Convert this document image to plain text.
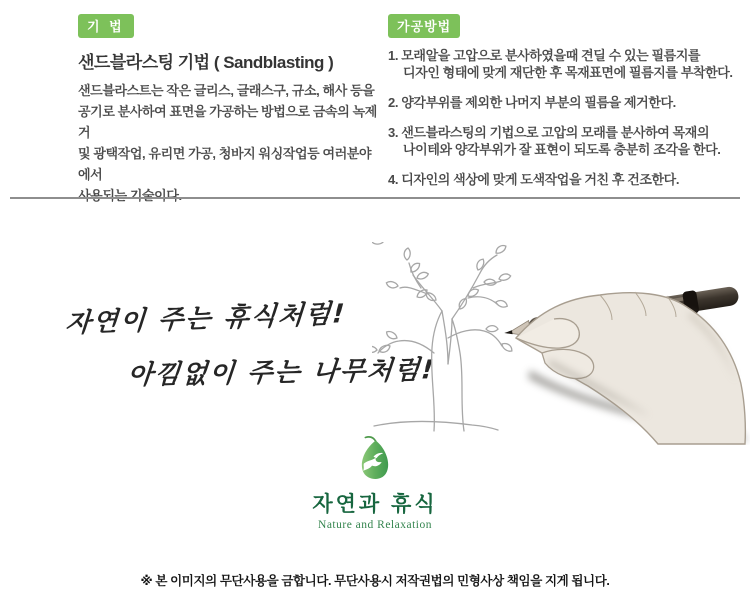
기 법
샌드블라스팅 기법 ( Sandblasting )
샌드블라스트는 작은 글리스, 글래스구, 규소, 해사 등을
공기로 분사하여 표면을 가공하는 방법으로 금속의 녹제거
및 광택작업, 유리면 가공, 청바지 워싱작업등 여러분야에서
사용되는 기술이다.
가공방법
1. 모래알을 고압으로 분사하였을때 견딜 수 있는 필름지를
디자인 형태에 맞게 재단한 후 목재표면에 필름지를 부착한다.
2. 양각부위를 제외한 나머지 부분의 필름을 제거한다.
3. 샌드블라스팅의 기법으로 고압의 모래를 분사하여 목재의
나이테와 양각부위가 잘 표현이 되도록 충분히 조각을 한다.
4. 디자인의 색상에 맞게 도색작업을 거친 후 건조한다.
자연이 주는 휴식처럼!
아낌없이 주는 나무처럼!
자연과 휴식
Nature and Relaxation
※ 본 이미지의 무단사용을 금합니다. 무단사용시 저작권법의 민형사상 책임을 지게 됩니다.
